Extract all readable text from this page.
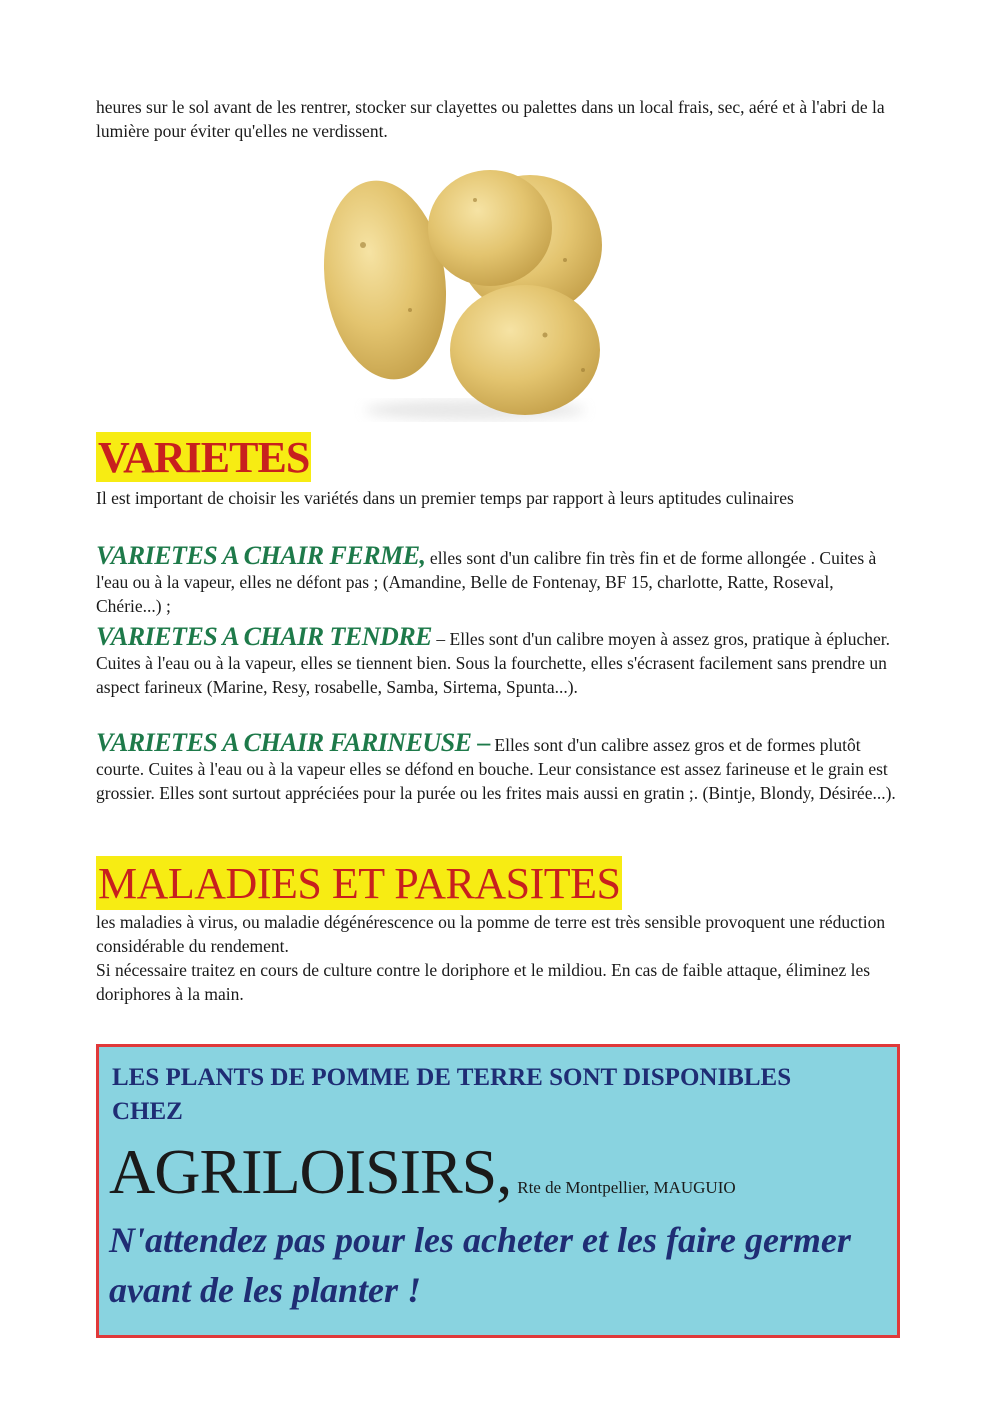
heures sur le sol avant de les rentrer, stocker sur clayettes ou palettes dans un local frais, sec, aéré et à l'abri de la lumière pour éviter qu'elles ne verdissent.

VARIETES

Il est important de choisir les variétés dans un premier temps par rapport à leurs aptitudes culinaires

VARIETES A CHAIR FERME, elles sont d'un calibre fin très fin et de forme allongée . Cuites à l'eau ou à la vapeur, elles ne défont pas ; (Amandine, Belle de Fontenay, BF 15, charlotte, Ratte, Roseval, Chérie...) ;
VARIETES A CHAIR TENDRE – Elles sont d'un calibre moyen à assez gros, pratique à éplucher. Cuites à l'eau ou à la vapeur, elles se tiennent bien. Sous la fourchette, elles s'écrasent facilement sans prendre un aspect farineux (Marine, Resy, rosabelle, Samba, Sirtema, Spunta...).
VARIETES A CHAIR FARINEUSE – Elles sont d'un calibre assez gros et de formes plutôt courte. Cuites à l'eau ou à la vapeur elles se défond en bouche. Leur consistance est assez farineuse et le grain est grossier. Elles sont surtout appréciées pour la purée ou les frites mais aussi en gratin ;. (Bintje, Blondy, Désirée...).
MALADIES ET PARASITES
les maladies à virus, ou maladie dégénérescence ou la pomme de terre est très sensible provoquent une réduction considérable du rendement.
Si nécessaire traitez en cours de culture contre le doriphore et le mildiou. En cas de faible attaque, éliminez les doriphores à la main.
LES PLANTS DE POMME DE TERRE SONT DISPONIBLES CHEZ
AGRILOISIRS, Rte de Montpellier, MAUGUIO
N'attendez pas pour les acheter et les faire germer avant de les planter !
